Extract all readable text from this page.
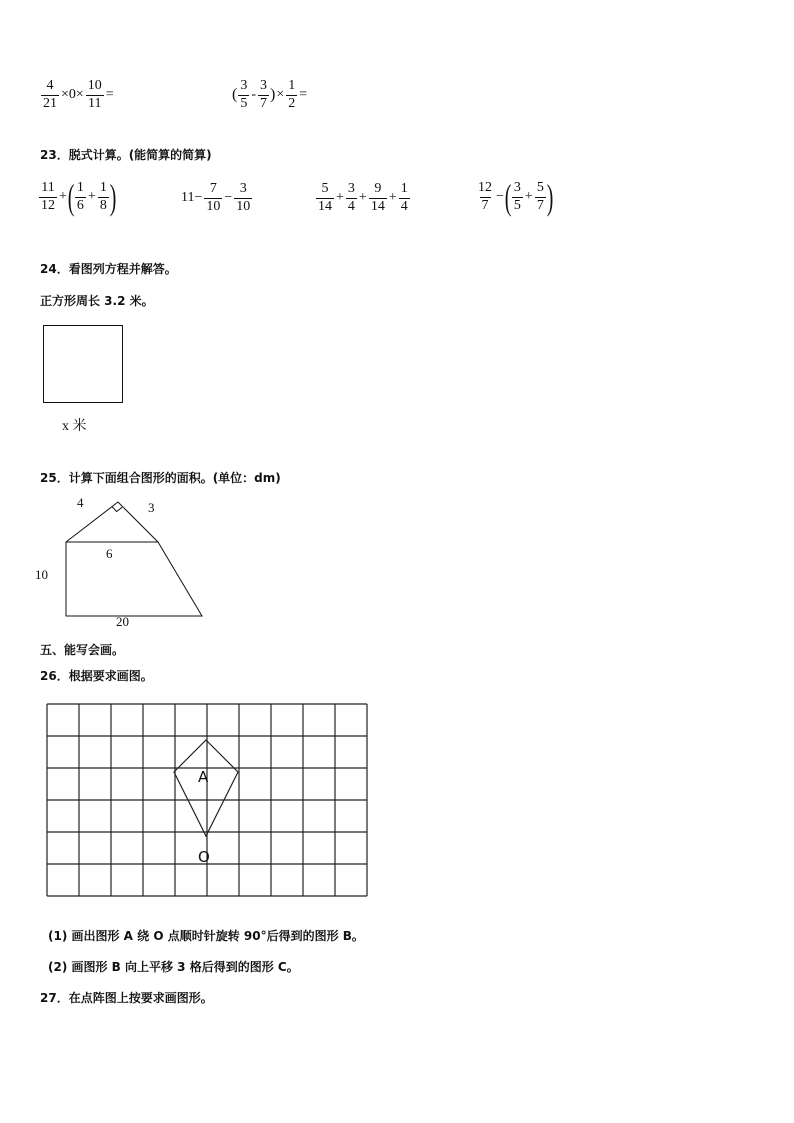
$\frac{4}{21} \times 0\times \frac{10}{11}$ =	( $\frac{3}{5} - \frac{3}{7}$ ) × $\frac{1}{2}$ =
23．脱式计算。(能简算的简算)
$\frac{11}{12}$ + ( $\frac{1}{6} + \frac{1}{8}$ )	$11- \frac{7}{10} - \frac{3}{10}$	$\frac{5}{14} + \frac{3}{4} + \frac{9}{14} + \frac{1}{4}$	$\frac{12}{7}$ − ( $\frac{3}{5} + \frac{5}{7}$ )
24．看图列方程并解答。
正方形周长 3.2 米。
x 米
25．计算下面组合图形的面积。(单位：dm)
4	3
6
10
20
五、能写会画。
26．根据要求画图。
A
O
(1) 画出图形 A 绕 O 点顺时针旋转 90°后得到的图形 B。
(2) 画图形 B 向上平移 3 格后得到的图形 C。
27．在点阵图上按要求画图形。
